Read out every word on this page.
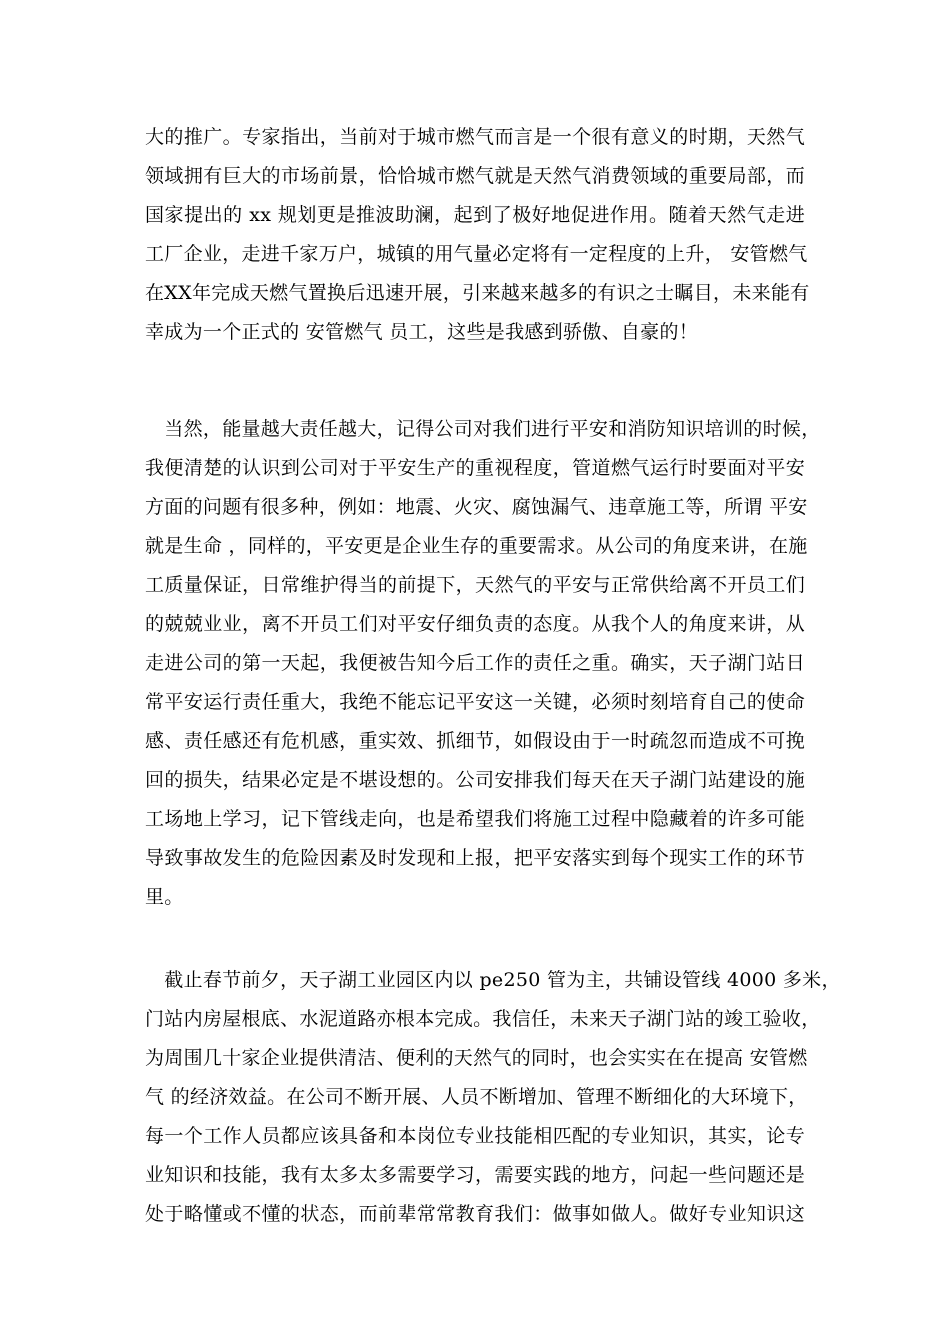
大的推广。专家指出，当前对于城市燃气而言是一个很有意义的时期，天然气
领域拥有巨大的市场前景，恰恰城市燃气就是天然气消费领域的重要局部，而
国家提出的 xx 规划更是推波助澜，起到了极好地促进作用。随着天然气走进
工厂企业，走进千家万户，城镇的用气量必定将有一定程度的上升， 安管燃气
在XX年完成天燃气置换后迅速开展，引来越来越多的有识之士瞩目，未来能有
幸成为一个正式的 安管燃气 员工，这些是我感到骄傲、自豪的！
　当然，能量越大责任越大，记得公司对我们进行平安和消防知识培训的时候，
我便清楚的认识到公司对于平安生产的重视程度，管道燃气运行时要面对平安
方面的问题有很多种，例如：地震、火灾、腐蚀漏气、违章施工等，所谓 平安
就是生命 ，同样的，平安更是企业生存的重要需求。从公司的角度来讲，在施
工质量保证，日常维护得当的前提下，天然气的平安与正常供给离不开员工们
的兢兢业业，离不开员工们对平安仔细负责的态度。从我个人的角度来讲，从
走进公司的第一天起，我便被告知今后工作的责任之重。确实，天子湖门站日
常平安运行责任重大，我绝不能忘记平安这一关键，必须时刻培育自己的使命
感、责任感还有危机感，重实效、抓细节，如假设由于一时疏忽而造成不可挽
回的损失，结果必定是不堪设想的。公司安排我们每天在天子湖门站建设的施
工场地上学习，记下管线走向，也是希望我们将施工过程中隐藏着的许多可能
导致事故发生的危险因素及时发现和上报，把平安落实到每个现实工作的环节
里。
　截止春节前夕，天子湖工业园区内以 pe250 管为主，共铺设管线 4000 多米，
门站内房屋根底、水泥道路亦根本完成。我信任，未来天子湖门站的竣工验收，
为周围几十家企业提供清洁、便利的天然气的同时，也会实实在在提高 安管燃
气 的经济效益。在公司不断开展、人员不断增加、管理不断细化的大环境下，
每一个工作人员都应该具备和本岗位专业技能相匹配的专业知识，其实，论专
业知识和技能，我有太多太多需要学习，需要实践的地方，问起一些问题还是
处于略懂或不懂的状态，而前辈常常教育我们：做事如做人。做好专业知识这
